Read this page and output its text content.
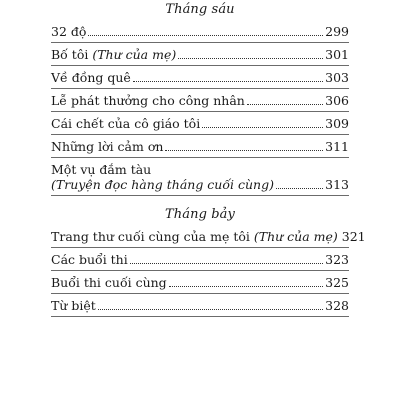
Tháng sáu
32 độ	299
Bố tôi (Thư của mẹ)	301
Về đồng quê	303
Lễ phát thưởng cho công nhân	306
Cái chết của cô giáo tôi	309
Những lời cảm ơn	311
Một vụ đắm tàu
(Truyện đọc hàng tháng cuối cùng)	313
Tháng bảy
Trang thư cuối cùng của mẹ tôi (Thư của mẹ) 321
Các buổi thi	323
Buổi thi cuối cùng	325
Từ biệt	328
